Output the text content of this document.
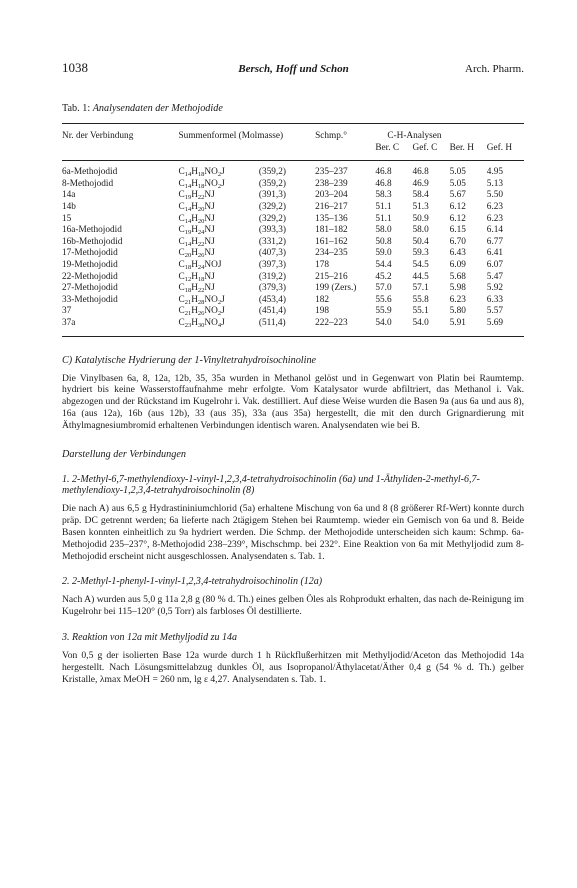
1038	Bersch, Hoff und Schon	Arch. Pharm.
Tab. 1: Analysendaten der Methojodide
Nr. der Verbindung	Summenformel (Molmasse)		Schmp.°	C-H-Analysen			
				Ber. C	Gef. C	Ber. H	Gef. H
6a-Methojodid	$C_{14}H_{18}NO_2J$	(359,2)	235–237	46.8	46.8	5.05	4.95
8-Methojodid	$C_{14}H_{18}NO_2J$	(359,2)	238–239	46.8	46.9	5.05	5.13
14a	$C_{19}H_{22}NJ$	(391,3)	203–204	58.3	58.4	5.67	5.50
14b	$C_{14}H_{20}NJ$	(329,2)	216–217	51.1	51.3	6.12	6.23
15	$C_{14}H_{20}NJ$	(329,2)	135–136	51.1	50.9	6.12	6.23
16a-Methojodid	$C_{19}H_{24}NJ$	(393,3)	181–182	58.0	58.0	6.15	6.14
16b-Methojodid	$C_{14}H_{22}NJ$	(331,2)	161–162	50.8	50.4	6.70	6.77
17-Methojodid	$C_{20}H_{26}NJ$	(407,3)	234–235	59.0	59.3	6.43	6.41
19-Methojodid	$C_{18}H_{24}NOJ$	(397,3)	178	54.4	54.5	6.09	6.07
22-Methojodid	$C_{12}H_{18}NJ$	(319,2)	215–216	45.2	44.5	5.68	5.47
27-Methojodid	$C_{18}H_{22}NJ$	(379,3)	199 (Zers.)	57.0	57.1	5.98	5.92
33-Methojodid	$C_{21}H_{28}NO_2J$	(453,4)	182	55.6	55.8	6.23	6.33
37	$C_{21}H_{26}NO_2J$	(451,4)	198	55.9	55.1	5.80	5.57
37a	$C_{23}H_{30}NO_4J$	(511,4)	222–223	54.0	54.0	5.91	5.69
C) Katalytische Hydrierung der 1-Vinyltetrahydroisochinoline
Die Vinylbasen 6a, 8, 12a, 12b, 35, 35a wurden in Methanol gelöst und in Gegenwart von Platin bei Raumtemp. hydriert bis keine Wasserstoffaufnahme mehr erfolgte. Vom Katalysator wurde abfiltriert, das Methanol i. Vak. abgezogen und der Rückstand im Kugelrohr i. Vak. destilliert. Auf diese Weise wurden die Basen 9a (aus 6a und aus 8), 16a (aus 12a), 16b (aus 12b), 33 (aus 35), 33a (aus 35a) hergestellt, die mit den durch Grignardierung mit Äthylmagnesiumbromid erhaltenen Verbindungen identisch waren. Analysendaten wie bei B.
Darstellung der Verbindungen
1. 2-Methyl-6,7-methylendioxy-1-vinyl-1,2,3,4-tetrahydroisochinolin (6a) und 1-Äthyliden-2-methyl-6,7-methylendioxy-1,2,3,4-tetrahydroisochinolin (8)
Die nach A) aus 6,5 g Hydrastininiumchlorid (5a) erhaltene Mischung von 6a und 8 (8 größerer Rf-Wert) konnte durch präp. DC getrennt werden; 6a lieferte nach 2tägigem Stehen bei Raumtemp. wieder ein Gemisch von 6a und 8. Beide Basen konnten einheitlich zu 9a hydriert werden. Die Schmp. der Methojodide unterscheiden sich kaum: Schmp. 6a-Methojodid 235–237°, 8-Methojodid 238–239°, Mischschmp. bei 232°. Eine Reaktion von 6a mit Methyljodid zum 8-Methojodid erscheint nicht ausgeschlossen. Analysendaten s. Tab. 1.
2. 2-Methyl-1-phenyl-1-vinyl-1,2,3,4-tetrahydroisochinolin (12a)
Nach A) wurden aus 5,0 g 11a 2,8 g (80 % d. Th.) eines gelben Öles als Rohprodukt erhalten, das nach de-Reinigung im Kugelrohr bei 115–120° (0,5 Torr) als farbloses Öl destillierte.
3. Reaktion von 12a mit Methyljodid zu 14a
Von 0,5 g der isolierten Base 12a wurde durch 1 h Rückflußerhitzen mit Methyljodid/Aceton das Methojodid 14a hergestellt. Nach Lösungsmittelabzug dunkles Öl, aus Isopropanol/Äthylacetat/Äther 0,4 g (54 % d. Th.) gelber Kristalle, λmax MeOH = 260 nm, lg ε 4,27. Analysendaten s. Tab. 1.
